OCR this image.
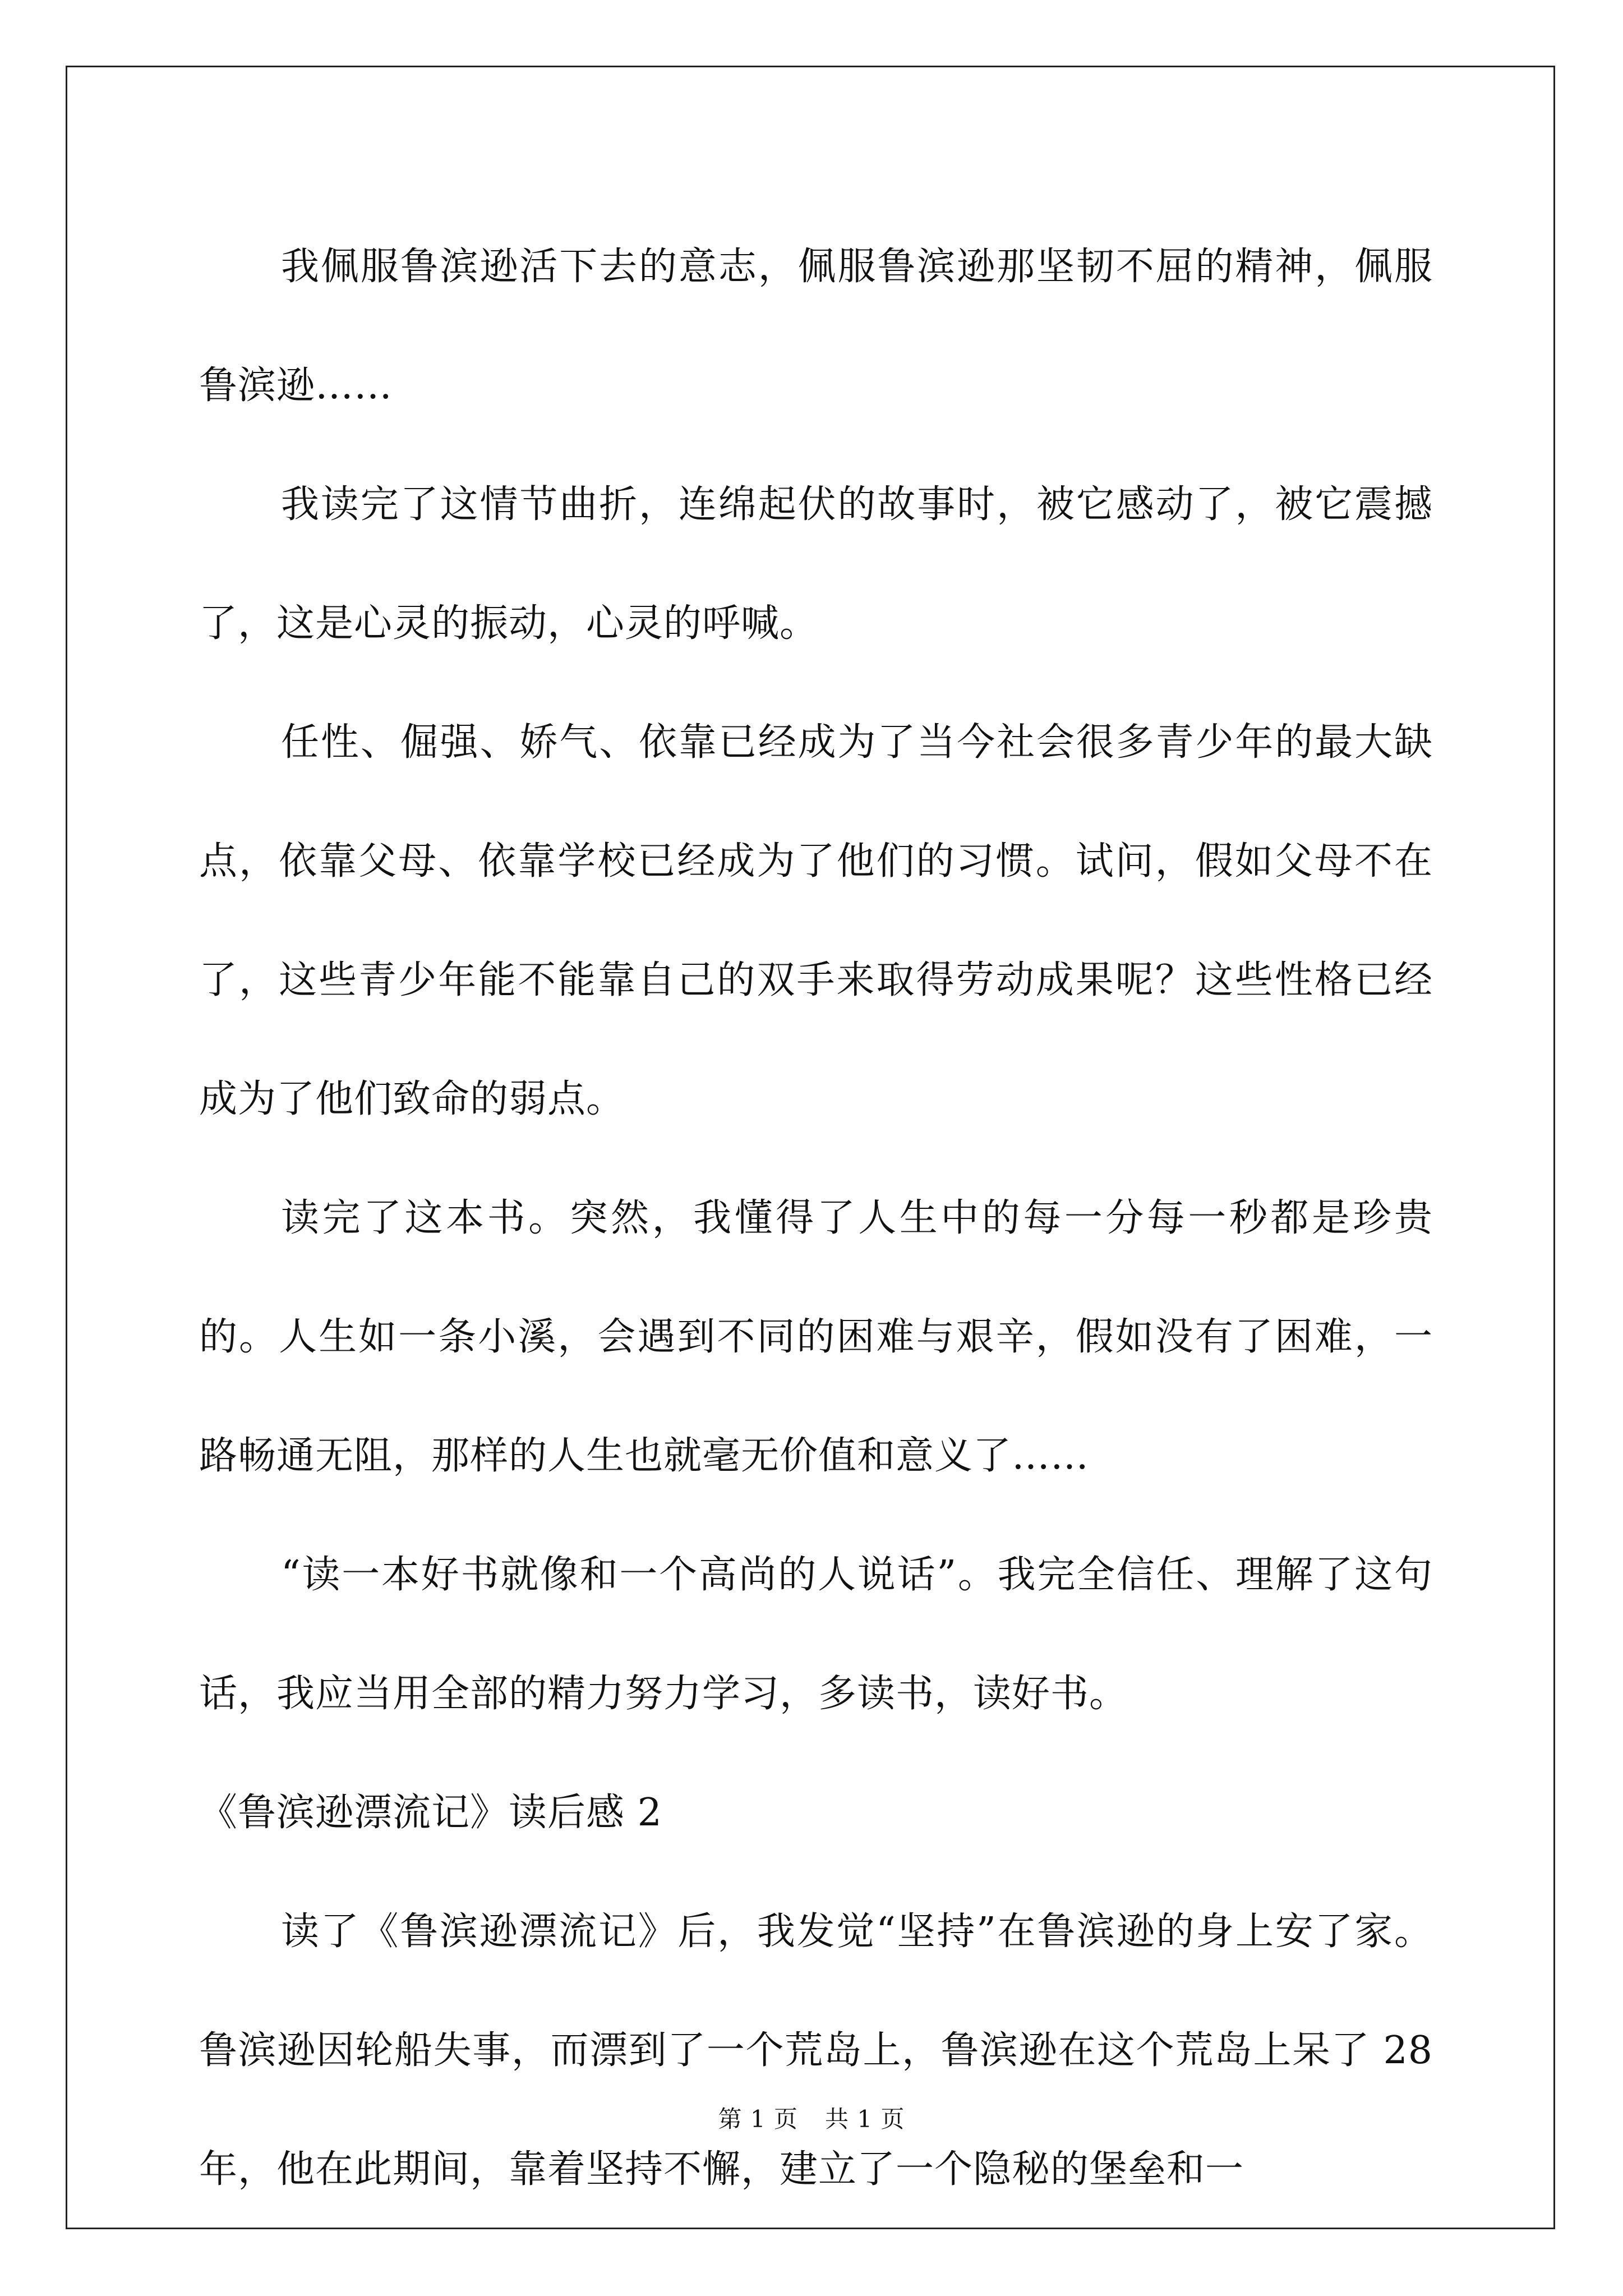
我佩服鲁滨逊活下去的意志，佩服鲁滨逊那坚韧不屈的精神，佩服鲁滨逊……

我读完了这情节曲折，连绵起伏的故事时，被它感动了，被它震撼了，这是心灵的振动，心灵的呼喊。

任性、倔强、娇气、依靠已经成为了当今社会很多青少年的最大缺点，依靠父母、依靠学校已经成为了他们的习惯。试问，假如父母不在了，这些青少年能不能靠自己的双手来取得劳动成果呢？这些性格已经成为了他们致命的弱点。

读完了这本书。突然，我懂得了人生中的每一分每一秒都是珍贵的。人生如一条小溪，会遇到不同的困难与艰辛，假如没有了困难，一路畅通无阻，那样的人生也就毫无价值和意义了……

“读一本好书就像和一个高尚的人说话”。我完全信任、理解了这句话，我应当用全部的精力努力学习，多读书，读好书。

《鲁滨逊漂流记》读后感 2

读了《鲁滨逊漂流记》后，我发觉“坚持”在鲁滨逊的身上安了家。鲁滨逊因轮船失事，而漂到了一个荒岛上，鲁滨逊在这个荒岛上呆了 28 年，他在此期间，靠着坚持不懈，建立了一个隐秘的堡垒和一

第 1 页 共 1 页
